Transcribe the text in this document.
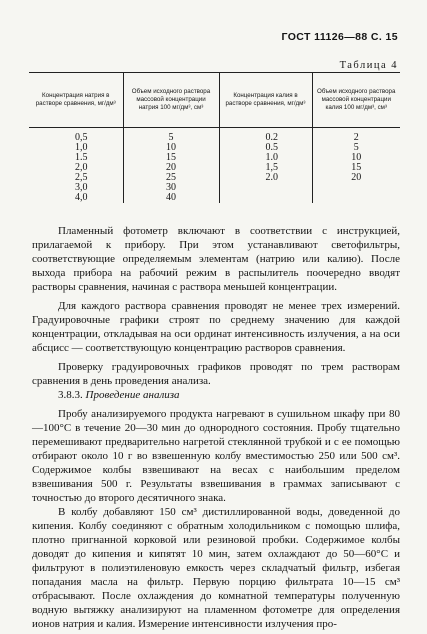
ГОСТ 11126—88 С. 15
Таблица 4
Концентрация натрия в растворе сравнения, мг/дм³	Объем исходного раствора массовой концентрации натрия 100 мг/дм³, см³	Концентрация калия в растворе сравнения, мг/дм³	Объем исходного раствора массовой концентрации калия 100 мг/дм³, см³
0,5	5	0.2	2
1,0	10	0.5	5
1.5	15	1.0	10
2,0	20	1,5	15
2,5	25	2.0	20
3,0	30		
4,0	40		

Пламенный фотометр включают в соответствии с инструкцией, прилагаемой к прибору. При этом устанавливают светофильтры, соответствующие определяемым элементам (натрию или калию). После выхода прибора на рабочий режим в распылитель поочередно вводят растворы сравнения, начиная с раствора меньшей концентрации.

Для каждого раствора сравнения проводят не менее трех измерений. Градуировочные графики строят по среднему значению для каждой концентрации, откладывая на оси ординат интенсивность излучения, а на оси абсцисс — соответствующую концентрацию растворов сравнения.

Проверку градуировочных графиков проводят по трем растворам сравнения в день проведения анализа.

3.8.3. Проведение анализа

Пробу анализируемого продукта нагревают в сушильном шкафу при 80—100°С в течение 20—30 мин до однородного состояния. Пробу тщательно перемешивают предварительно нагретой стеклянной трубкой и с ее помощью отбирают около 10 г во взвешенную колбу вместимостью 250 или 500 см³. Содержимое колбы взвешивают на весах с наибольшим пределом взвешивания 500 г. Результаты взвешивания в граммах записывают с точностью до второго десятичного знака.

В колбу добавляют 150 см³ дистиллированной воды, доведенной до кипения. Колбу соединяют с обратным холодильником с помощью шлифа, плотно пригнанной корковой или резиновой пробки. Содержимое колбы доводят до кипения и кипятят 10 мин, затем охлаждают до 50—60°С и фильтруют в полиэтиленовую емкость через складчатый фильтр, избегая попадания масла на фильтр. Первую порцию фильтрата 10—15 см³ отбрасывают. После охлаждения до комнатной температуры полученную водную вытяжку анализируют на пламенном фотометре для определения ионов натрия и калия. Измерение интенсивности излучения про-
